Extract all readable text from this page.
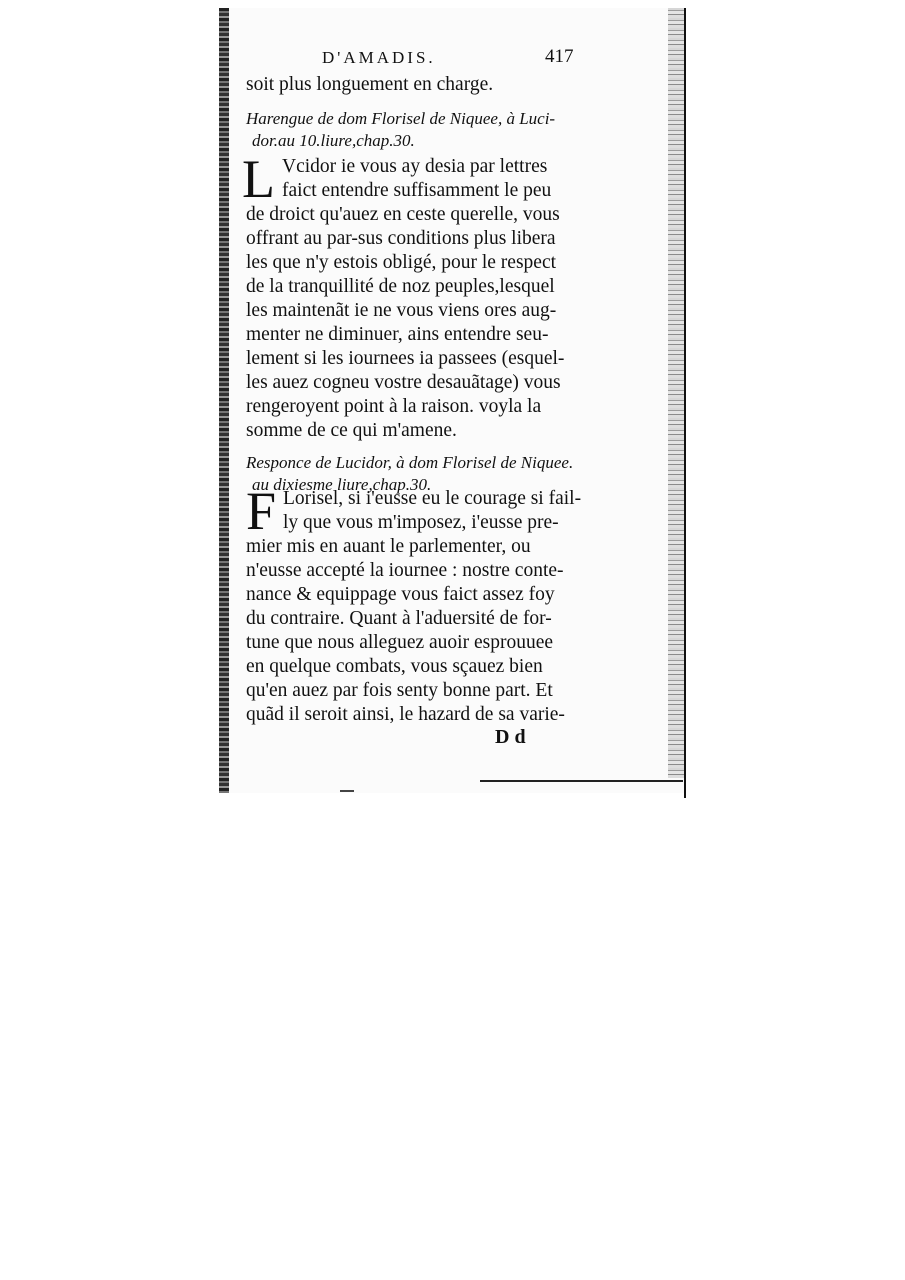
D'AMADIS.	417
soit plus longuement en charge.
Harengue de dom Florisel de Niquee, à Luci-
dor.au 10.liure,chap.30.
L Vcidor ie vous ay desia par lettres
faict entendre suffisamment le peu
de droict qu'auez en ceste querelle, vous
offrant au par-sus conditions plus libera
les que n'y estois obligé, pour le respect
de la tranquillité de noz peuples,lesquel
les maintenãt ie ne vous viens ores aug-
menter ne diminuer, ains entendre seu-
lement si les iournees ia passees (esquel-
les auez cogneu vostre desauãtage) vous
rengeroyent point à la raison. voyla la
somme de ce qui m'amene.
Responce de Lucidor, à dom Florisel de Niquee.
au dixiesme liure,chap.30.
F Lorisel, si i'eusse eu le courage si fail-
ly que vous m'imposez, i'eusse pre-
mier mis en auant le parlementer, ou
n'eusse accepté la iournee : nostre conte-
nance & equippage vous faict assez foy
du contraire. Quant à l'aduersité de for-
tune que nous alleguez auoir esprouuee
en quelque combats, vous sçauez bien
qu'en auez par fois senty bonne part. Et
quãd il seroit ainsi, le hazard de sa varie-
D d
